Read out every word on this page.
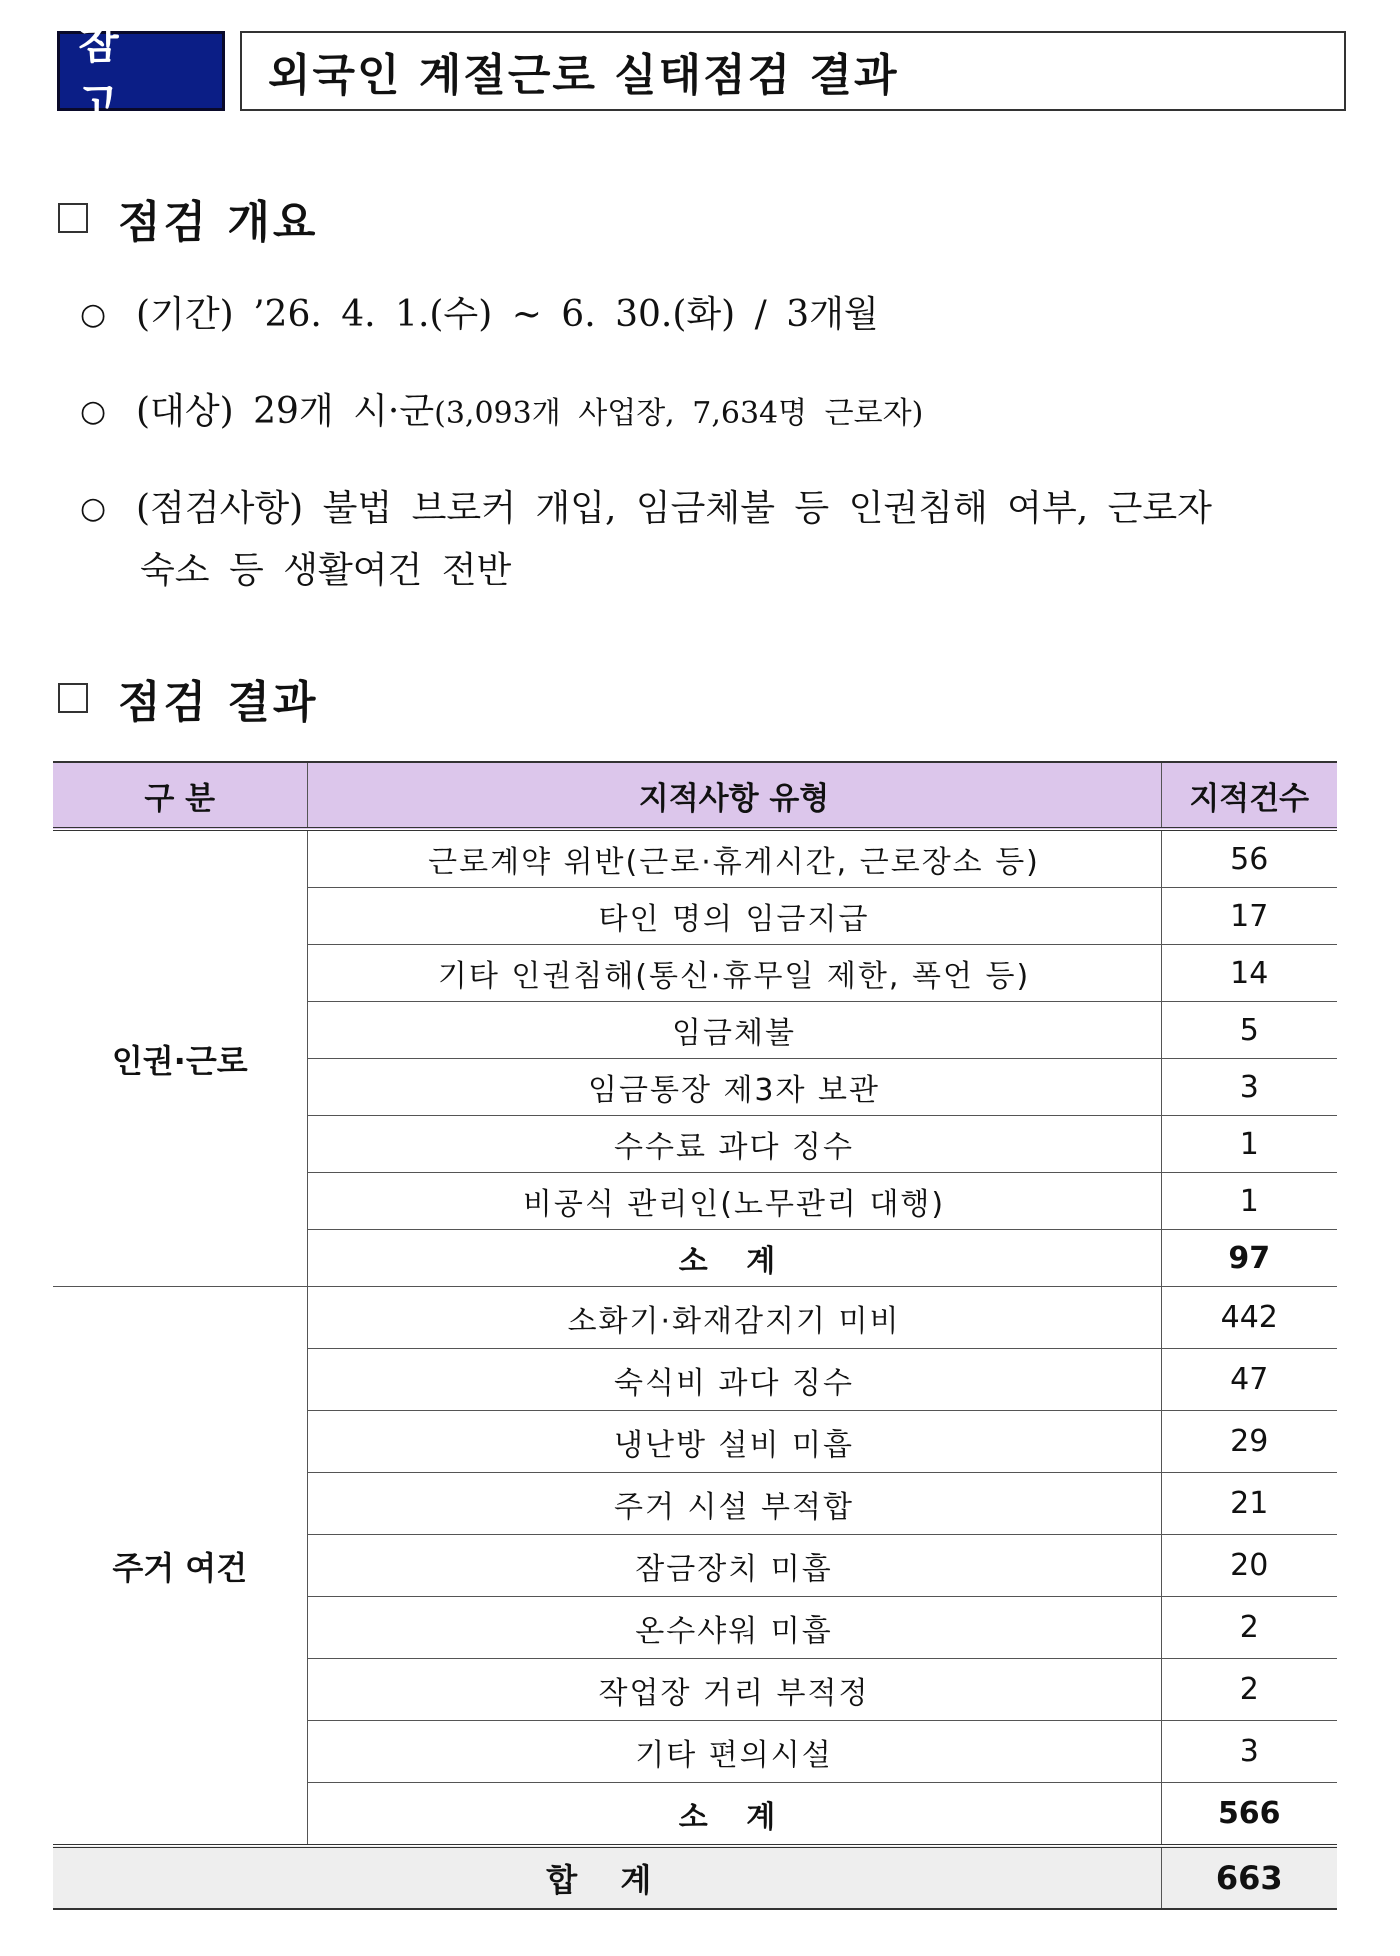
참 고
외국인 계절근로 실태점검 결과
점검 개요
○ (기간) ’26. 4. 1.(수) ~ 6. 30.(화) / 3개월
○ (대상) 29개 시·군(3,093개 사업장, 7,634명 근로자)
○ (점검사항) 불법 브로커 개입, 임금체불 등 인권침해 여부, 근로자
숙소 등 생활여건 전반
점검 결과
구 분	지적사항 유형	지적건수
인권·근로	근로계약 위반(근로·휴게시간, 근로장소 등)	56
	타인 명의 임금지급	17
	기타 인권침해(통신·휴무일 제한, 폭언 등)	14
	임금체불	5
	임금통장 제3자 보관	3
	수수료 과다 징수	1
	비공식 관리인(노무관리 대행)	1
	소 계	97
주거 여건	소화기·화재감지기 미비	442
	숙식비 과다 징수	47
	냉난방 설비 미흡	29
	주거 시설 부적합	21
	잠금장치 미흡	20
	온수샤워 미흡	2
	작업장 거리 부적정	2
	기타 편의시설	3
	소 계	566
합 계		663
